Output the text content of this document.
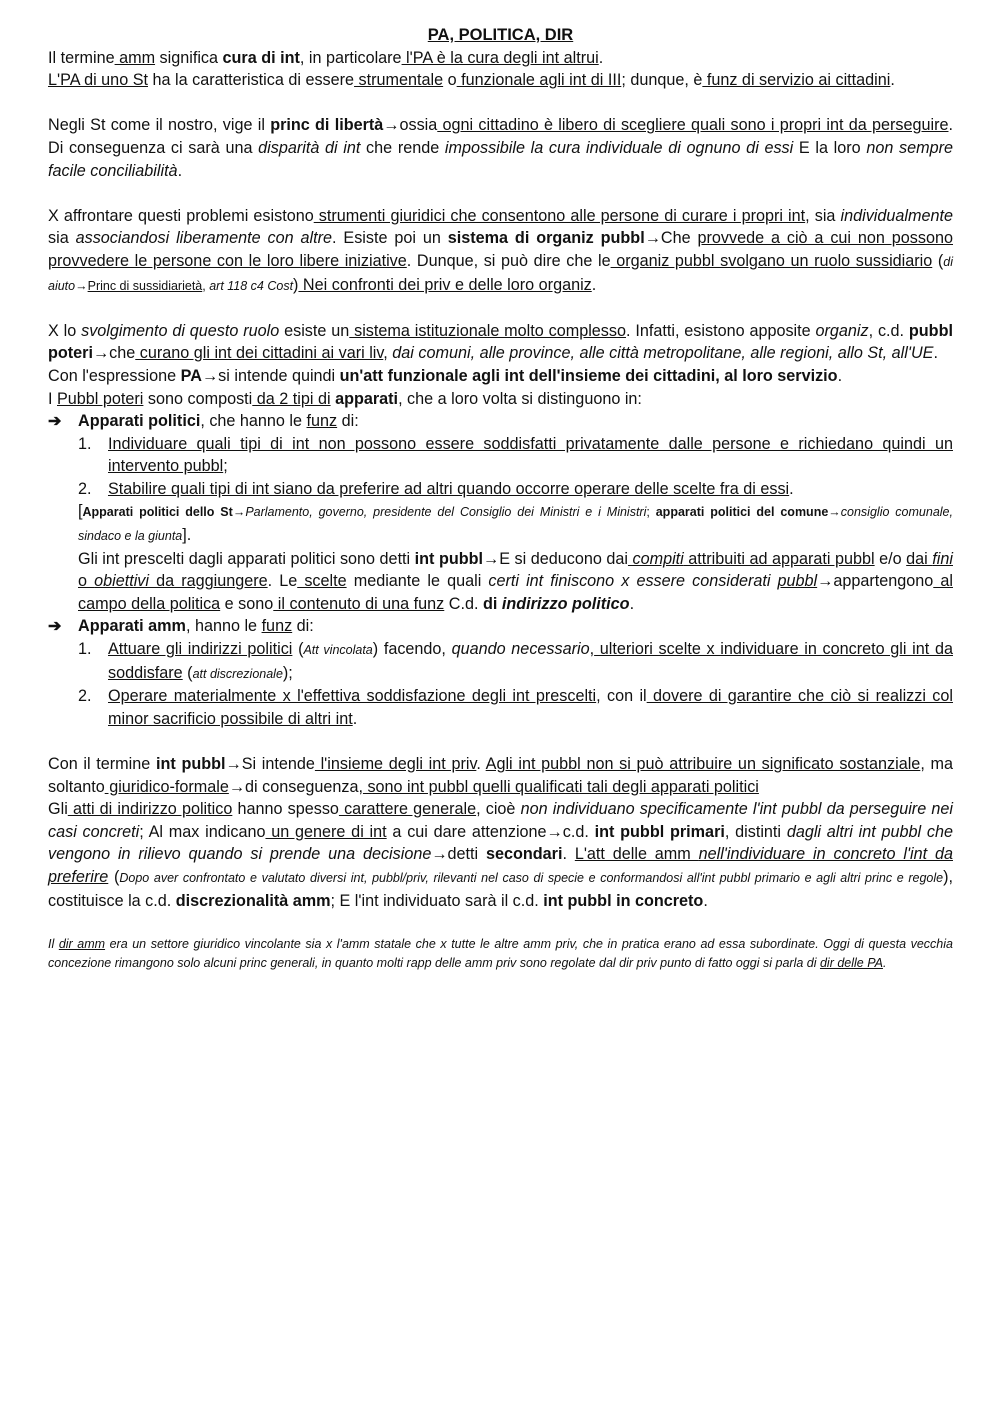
PA, POLITICA, DIR

Il termine amm significa cura di int, in particolare l'PA è la cura degli int altrui.

L'PA di uno St ha la caratteristica di essere strumentale o funzionale agli int di III; dunque, è funz di servizio ai cittadini.

Negli St come il nostro, vige il princ di libertà→ossia ogni cittadino è libero di scegliere quali sono i propri int da perseguire. Di conseguenza ci sarà una disparità di int che rende impossibile la cura individuale di ognuno di essi E la loro non sempre facile conciliabilità.

X affrontare questi problemi esistono strumenti giuridici che consentono alle persone di curare i propri int, sia individualmente sia associandosi liberamente con altre. Esiste poi un sistema di organiz pubbl→Che provvede a ciò a cui non possono provvedere le persone con le loro libere iniziative. Dunque, si può dire che le organiz pubbl svolgano un ruolo sussidiario (di aiuto→Princ di sussidiarietà, art 118 c4 Cost) Nei confronti dei priv e delle loro organiz.

X lo svolgimento di questo ruolo esiste un sistema istituzionale molto complesso. Infatti, esistono apposite organiz, c.d. pubbl poteri→che curano gli int dei cittadini ai vari liv, dai comuni, alle province, alle città metropolitane, alle regioni, allo St, all'UE.

Con l'espressione PA→si intende quindi un'att funzionale agli int dell'insieme dei cittadini, al loro servizio.

I Pubbl poteri sono composti da 2 tipi di apparati, che a loro volta si distinguono in:

➔ Apparati politici, che hanno le funz di:
1. Individuare quali tipi di int non possono essere soddisfatti privatamente dalle persone e richiedano quindi un intervento pubbl;
2. Stabilire quali tipi di int siano da preferire ad altri quando occorre operare delle scelte fra di essi.

[Apparati politici dello St→Parlamento, governo, presidente del Consiglio dei Ministri e i Ministri; apparati politici del comune→consiglio comunale, sindaco e la giunta].

Gli int prescelti dagli apparati politici sono detti int pubbl→E si deducono dai compiti attribuiti ad apparati pubbl e/o dai fini o obiettivi da raggiungere. Le scelte mediante le quali certi int finiscono x essere considerati pubbl→appartengono al campo della politica e sono il contenuto di una funz C.d. di indirizzo politico.

➔ Apparati amm, hanno le funz di:
1. Attuare gli indirizzi politici (Att vincolata) facendo, quando necessario, ulteriori scelte x individuare in concreto gli int da soddisfare (att discrezionale);
2. Operare materialmente x l'effettiva soddisfazione degli int prescelti, con il dovere di garantire che ciò si realizzi col minor sacrificio possibile di altri int.

Con il termine int pubbl→Si intende l'insieme degli int priv. Agli int pubbl non si può attribuire un significato sostanziale, ma soltanto giuridico-formale→di conseguenza, sono int pubbl quelli qualificati tali degli apparati politici

Gli atti di indirizzo politico hanno spesso carattere generale, cioè non individuano specificamente l'int pubbl da perseguire nei casi concreti; Al max indicano un genere di int a cui dare attenzione→c.d. int pubbl primari, distinti dagli altri int pubbl che vengono in rilievo quando si prende una decisione→detti secondari. L'att delle amm nell'individuare in concreto l'int da preferire (Dopo aver confrontato e valutato diversi int, pubbl/priv, rilevanti nel caso di specie e conformandosi all'int pubbl primario e agli altri princ e regole), costituisce la c.d. discrezionalità amm; E l'int individuato sarà il c.d. int pubbl in concreto.

Il dir amm era un settore giuridico vincolante sia x l'amm statale che x tutte le altre amm priv, che in pratica erano ad essa subordinate. Oggi di questa vecchia concezione rimangono solo alcuni princ generali, in quanto molti rapp delle amm priv sono regolate dal dir priv punto di fatto oggi si parla di dir delle PA.
